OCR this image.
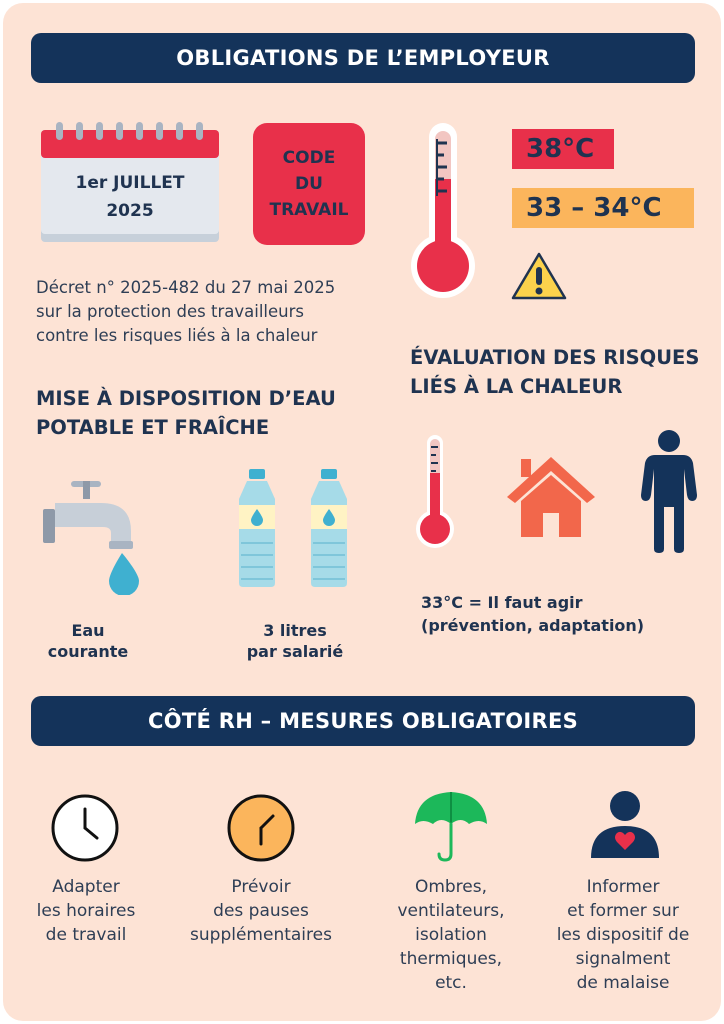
OBLIGATIONS DE L’EMPLOYEUR
1er JUILLET
2025
CODE
DU
TRAVAIL
38°C
33 – 34°C
Décret n° 2025-482 du 27 mai 2025
sur la protection des travailleurs
contre les risques liés à la chaleur
MISE À DISPOSITION D’EAU
POTABLE ET FRAÎCHE
ÉVALUATION DES RISQUES
LIÉS À LA CHALEUR
Eau
courante
3 litres
par salarié
33°C = Il faut agir
(prévention, adaptation)
CÔTÉ RH – MESURES OBLIGATOIRES
Adapter
les horaires
de travail
Prévoir
des pauses
supplémentaires
Ombres,
ventilateurs,
isolation
thermiques,
etc.
Informer
et former sur
les dispositif de
signalment
de malaise
